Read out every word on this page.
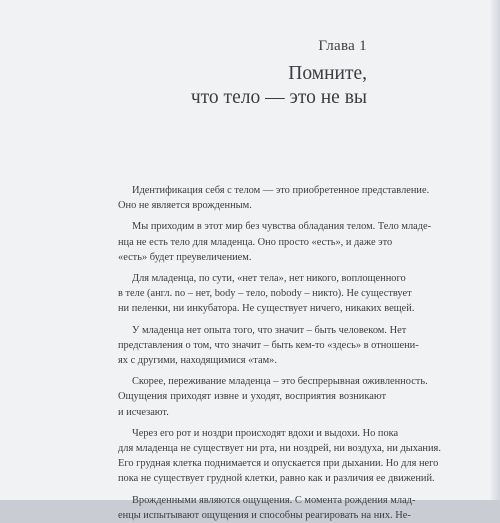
Глава 1
Помните,
что тело — это не вы
Идентификация себя с телом — это приобретенное представление.
Оно не является врожденным.
Мы приходим в этот мир без чувства обладания телом. Тело младе-
нца не есть тело для младенца. Оно просто «есть», и даже это
«есть» будет преувеличением.
Для младенца, по сути, «нет тела», нет никого, воплощенного
в теле (англ. no – нет, body – тело, nobody – никто). Не существует
ни пеленки, ни инкубатора. Не существует ничего, никаких вещей.
У младенца нет опыта того, что значит – быть человеком. Нет
представления о том, что значит – быть кем-то «здесь» в отношени-
ях с другими, находящимися «там».
Скорее, переживание младенца – это беспрерывная оживленность.
Ощущения приходят извне и уходят, восприятия возникают
и исчезают.
Через его рот и ноздри происходят вдохи и выдохи. Но пока
для младенца не существует ни рта, ни ноздрей, ни воздуха, ни дыхания.
Его грудная клетка поднимается и опускается при дыхании. Но для него
пока не существует грудной клетки, равно как и различия ее движений.
Врожденными являются ощущения. С момента рождения млад-
енцы испытывают ощущения и способны реагировать на них. Не-
